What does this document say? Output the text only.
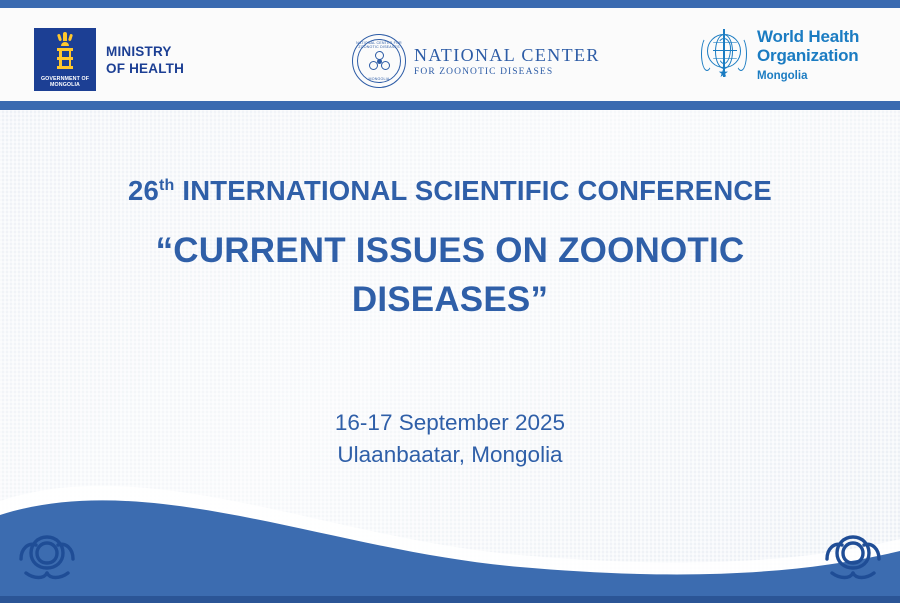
GOVERNMENT OF
MONGOLIA
MINISTRY
OF HEALTH
NATIONAL CENTER FOR ZOONOTIC DISEASES
MONGOLIA
NATIONAL CENTER
FOR ZOONOTIC DISEASES	★
World Health
Organization
Mongolia
26th INTERNATIONAL SCIENTIFIC CONFERENCE
“CURRENT ISSUES ON ZOONOTIC DISEASES”
16-17 September 2025
Ulaanbaatar, Mongolia
